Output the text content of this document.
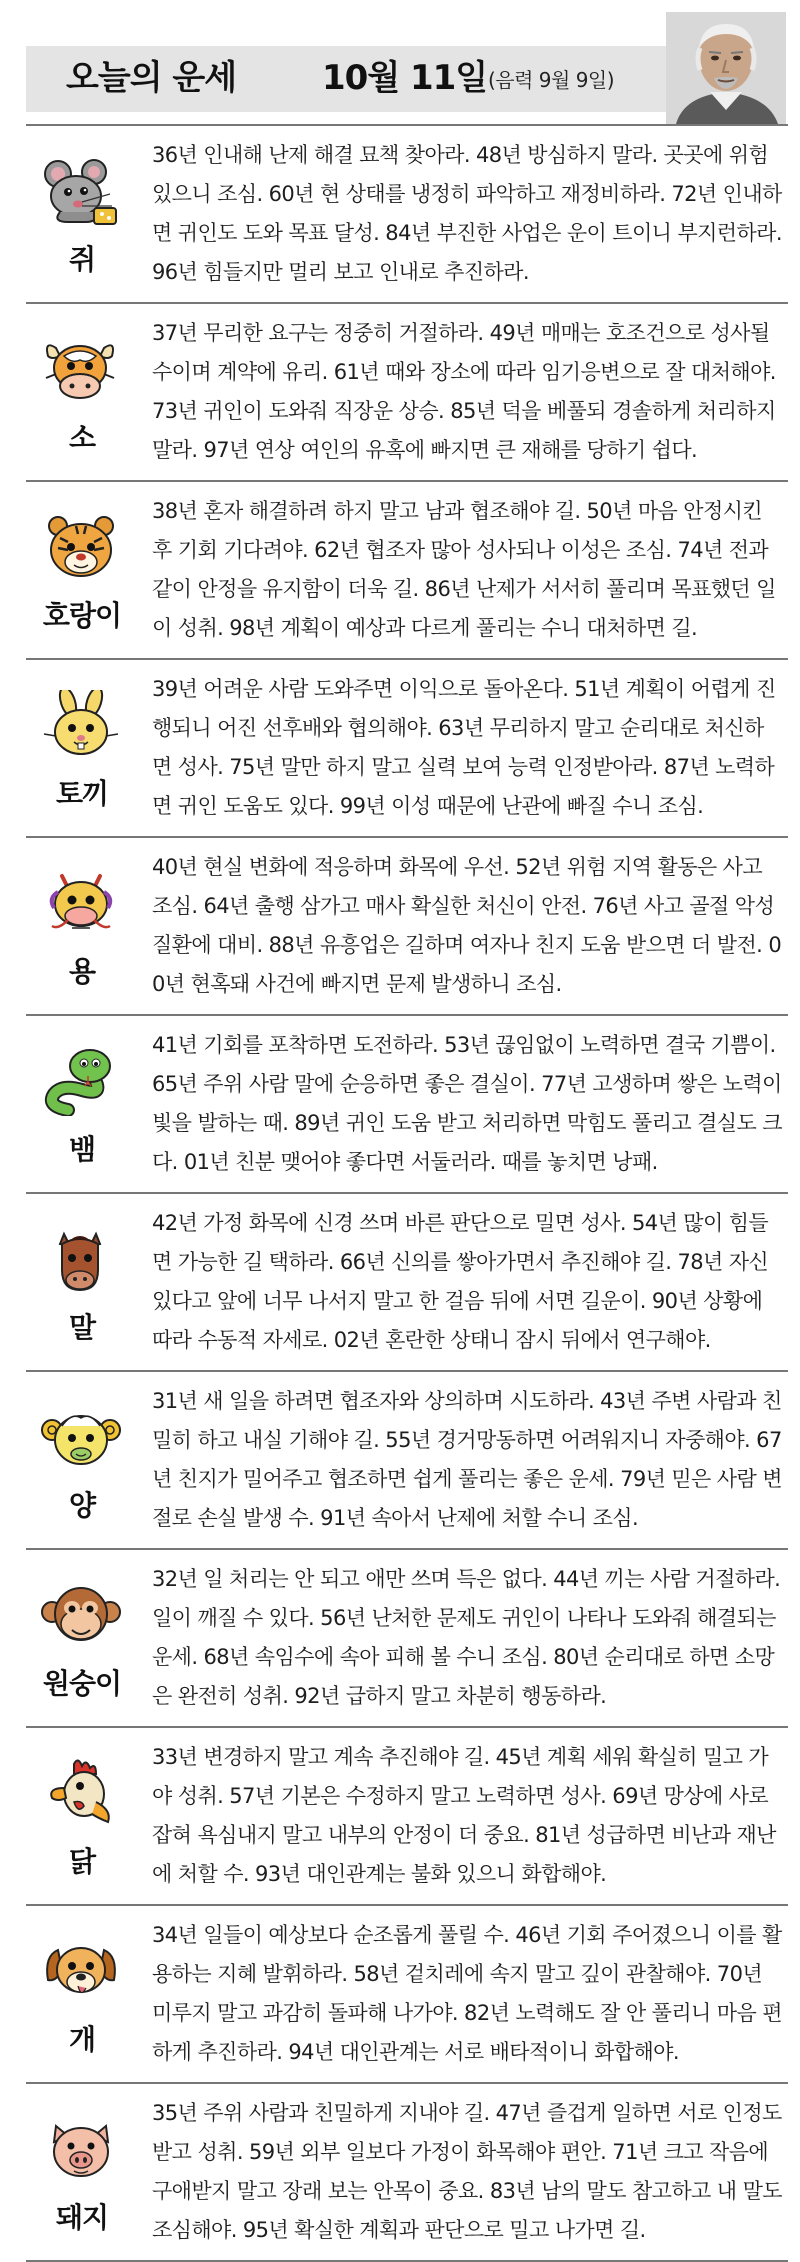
오늘의 운세	10월 11일 (음력 9월 9일)
쥐
36년 인내해 난제 해결 묘책 찾아라. 48년 방심하지 말라. 곳곳에 위험 있으니 조심. 60년 현 상태를 냉정히 파악하고 재정비하라. 72년 인내하면 귀인도 도와 목표 달성. 84년 부진한 사업은 운이 트이니 부지런하라. 96년 힘들지만 멀리 보고 인내로 추진하라.
소
37년 무리한 요구는 정중히 거절하라. 49년 매매는 호조건으로 성사될 수이며 계약에 유리. 61년 때와 장소에 따라 임기응변으로 잘 대처해야. 73년 귀인이 도와줘 직장운 상승. 85년 덕을 베풀되 경솔하게 처리하지 말라. 97년 연상 여인의 유혹에 빠지면 큰 재해를 당하기 쉽다.
호랑이
38년 혼자 해결하려 하지 말고 남과 협조해야 길. 50년 마음 안정시킨 후 기회 기다려야. 62년 협조자 많아 성사되나 이성은 조심. 74년 전과 같이 안정을 유지함이 더욱 길. 86년 난제가 서서히 풀리며 목표했던 일이 성취. 98년 계획이 예상과 다르게 풀리는 수니 대처하면 길.
토끼
39년 어려운 사람 도와주면 이익으로 돌아온다. 51년 계획이 어렵게 진행되니 어진 선후배와 협의해야. 63년 무리하지 말고 순리대로 처신하면 성사. 75년 말만 하지 말고 실력 보여 능력 인정받아라. 87년 노력하면 귀인 도움도 있다. 99년 이성 때문에 난관에 빠질 수니 조심.
용
40년 현실 변화에 적응하며 화목에 우선. 52년 위험 지역 활동은 사고 조심. 64년 출행 삼가고 매사 확실한 처신이 안전. 76년 사고 골절 악성질환에 대비. 88년 유흥업은 길하며 여자나 친지 도움 받으면 더 발전. 00년 현혹돼 사건에 빠지면 문제 발생하니 조심.
뱀
41년 기회를 포착하면 도전하라. 53년 끊임없이 노력하면 결국 기쁨이. 65년 주위 사람 말에 순응하면 좋은 결실이. 77년 고생하며 쌓은 노력이 빛을 발하는 때. 89년 귀인 도움 받고 처리하면 막힘도 풀리고 결실도 크다. 01년 친분 맺어야 좋다면 서둘러라. 때를 놓치면 낭패.
말
42년 가정 화목에 신경 쓰며 바른 판단으로 밀면 성사. 54년 많이 힘들면 가능한 길 택하라. 66년 신의를 쌓아가면서 추진해야 길. 78년 자신 있다고 앞에 너무 나서지 말고 한 걸음 뒤에 서면 길운이. 90년 상황에 따라 수동적 자세로. 02년 혼란한 상태니 잠시 뒤에서 연구해야.
양
31년 새 일을 하려면 협조자와 상의하며 시도하라. 43년 주변 사람과 친밀히 하고 내실 기해야 길. 55년 경거망동하면 어려워지니 자중해야. 67년 친지가 밀어주고 협조하면 쉽게 풀리는 좋은 운세. 79년 믿은 사람 변절로 손실 발생 수. 91년 속아서 난제에 처할 수니 조심.
원숭이
32년 일 처리는 안 되고 애만 쓰며 득은 없다. 44년 끼는 사람 거절하라. 일이 깨질 수 있다. 56년 난처한 문제도 귀인이 나타나 도와줘 해결되는 운세. 68년 속임수에 속아 피해 볼 수니 조심. 80년 순리대로 하면 소망은 완전히 성취. 92년 급하지 말고 차분히 행동하라.
닭
33년 변경하지 말고 계속 추진해야 길. 45년 계획 세워 확실히 밀고 가야 성취. 57년 기본은 수정하지 말고 노력하면 성사. 69년 망상에 사로잡혀 욕심내지 말고 내부의 안정이 더 중요. 81년 성급하면 비난과 재난에 처할 수. 93년 대인관계는 불화 있으니 화합해야.
개
34년 일들이 예상보다 순조롭게 풀릴 수. 46년 기회 주어졌으니 이를 활용하는 지혜 발휘하라. 58년 겉치레에 속지 말고 깊이 관찰해야. 70년 미루지 말고 과감히 돌파해 나가야. 82년 노력해도 잘 안 풀리니 마음 편하게 추진하라. 94년 대인관계는 서로 배타적이니 화합해야.
돼지
35년 주위 사람과 친밀하게 지내야 길. 47년 즐겁게 일하면 서로 인정도 받고 성취. 59년 외부 일보다 가정이 화목해야 편안. 71년 크고 작음에 구애받지 말고 장래 보는 안목이 중요. 83년 남의 말도 참고하고 내 말도 조심해야. 95년 확실한 계획과 판단으로 밀고 나가면 길.
